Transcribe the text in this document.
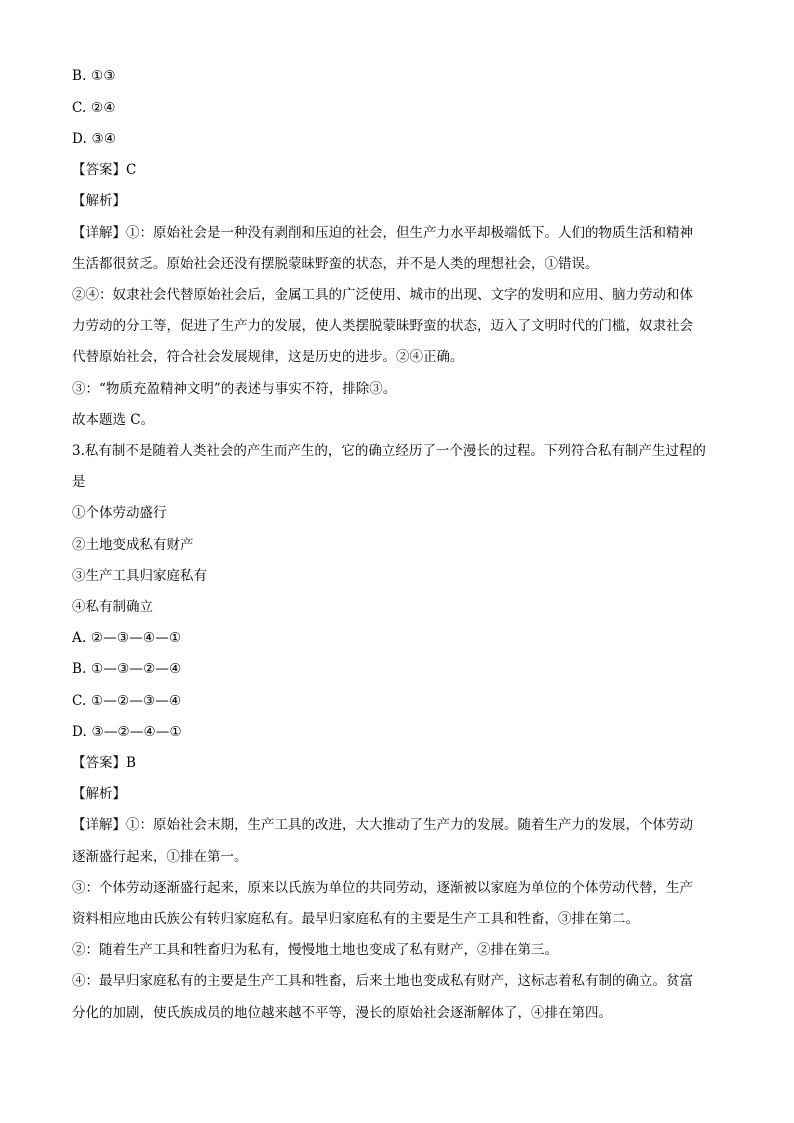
B. ①③
C. ②④
D. ③④
【答案】C
【解析】
【详解】①：原始社会是一种没有剥削和压迫的社会，但生产力水平却极端低下。人们的物质生活和精神
生活都很贫乏。原始社会还没有摆脱蒙昧野蛮的状态，并不是人类的理想社会，①错误。
②④：奴隶社会代替原始社会后，金属工具的广泛使用、城市的出现、文字的发明和应用、脑力劳动和体
力劳动的分工等，促进了生产力的发展，使人类摆脱蒙昧野蛮的状态，迈入了文明时代的门槛，奴隶社会
代替原始社会，符合社会发展规律，这是历史的进步。②④正确。
③：“物质充盈精神文明”的表述与事实不符，排除③。
故本题选 C。
3.私有制不是随着人类社会的产生而产生的，它的确立经历了一个漫长的过程。下列符合私有制产生过程的
是
①个体劳动盛行
②土地变成私有财产
③生产工具归家庭私有
④私有制确立
A. ②—③—④—①
B. ①—③—②—④
C. ①—②—③—④
D. ③—②—④—①
【答案】B
【解析】
【详解】①：原始社会末期，生产工具的改进，大大推动了生产力的发展。随着生产力的发展，个体劳动
逐渐盛行起来，①排在第一。
③：个体劳动逐渐盛行起来，原来以氏族为单位的共同劳动，逐渐被以家庭为单位的个体劳动代替，生产
资料相应地由氏族公有转归家庭私有。最早归家庭私有的主要是生产工具和牲畜，③排在第二。
②：随着生产工具和牲畜归为私有，慢慢地土地也变成了私有财产，②排在第三。
④：最早归家庭私有的主要是生产工具和牲畜，后来土地也变成私有财产，这标志着私有制的确立。贫富
分化的加剧，使氏族成员的地位越来越不平等，漫长的原始社会逐渐解体了，④排在第四。
